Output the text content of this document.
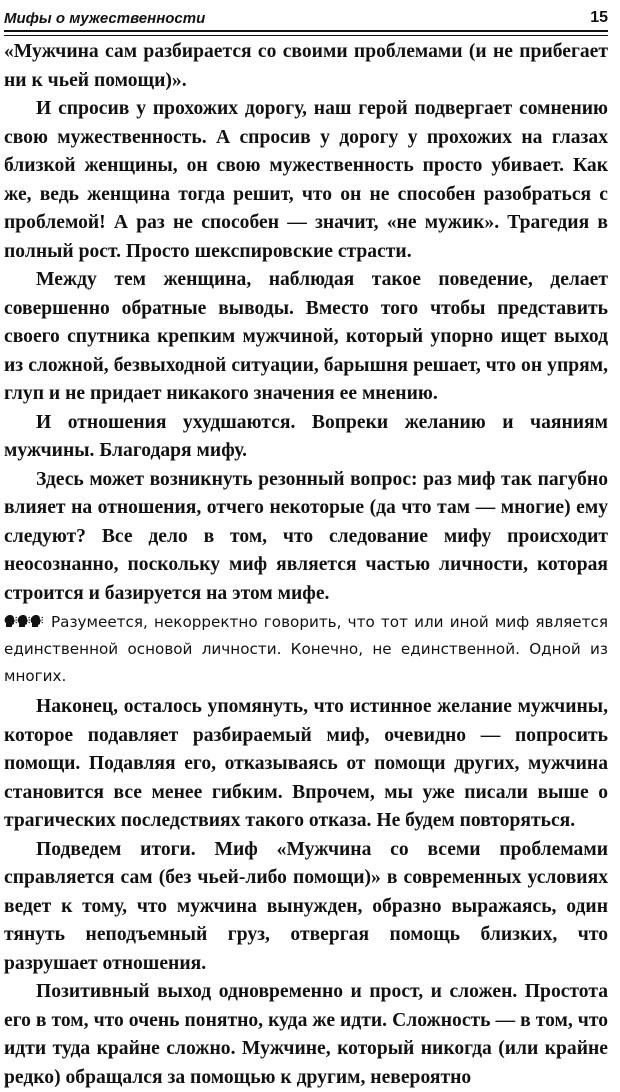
Мифы о мужественности	15

«Мужчина сам разбирается со своими проблемами (и не прибегает ни к чьей помощи)».

И спросив у прохожих дорогу, наш герой подвергает сомнению свою мужественность. А спросив у дорогу у прохожих на глазах близкой женщины, он свою мужественность просто убивает. Как же, ведь женщина тогда решит, что он не способен разобраться с проблемой! А раз не способен — значит, «не мужик». Трагедия в полный рост. Просто шекспировские страсти.

Между тем женщина, наблюдая такое поведение, делает совершенно обратные выводы. Вместо того чтобы представить своего спутника крепким мужчиной, который упорно ищет выход из сложной, безвыходной ситуации, барышня решает, что он упрям, глуп и не придает никакого значения ее мнению.

И отношения ухудшаются. Вопреки желанию и чаяниям мужчины. Благодаря мифу.

Здесь может возникнуть резонный вопрос: раз миф так пагубно влияет на отношения, отчего некоторые (да что там — многие) ему следуют? Все дело в том, что следование мифу происходит неосознанно, поскольку миф является частью личности, которая строится и базируется на этом мифе.

Разумеется, некорректно говорить, что тот или иной миф является единственной основой личности. Конечно, не единственной. Одной из многих.

Наконец, осталось упомянуть, что истинное желание мужчины, которое подавляет разбираемый миф, очевидно — попросить помощи. Подавляя его, отказываясь от помощи других, мужчина становится все менее гибким. Впрочем, мы уже писали выше о трагических последствиях такого отказа. Не будем повторяться.

Подведем итоги. Миф «Мужчина со всеми проблемами справляется сам (без чьей-либо помощи)» в современных условиях ведет к тому, что мужчина вынужден, образно выражаясь, один тянуть неподъемный груз, отвергая помощь близких, что разрушает отношения.

Позитивный выход одновременно и прост, и сложен. Простота его в том, что очень понятно, куда же идти. Сложность — в том, что идти туда крайне сложно. Мужчине, который никогда (или крайне редко) обращался за помощью к другим, невероятно
